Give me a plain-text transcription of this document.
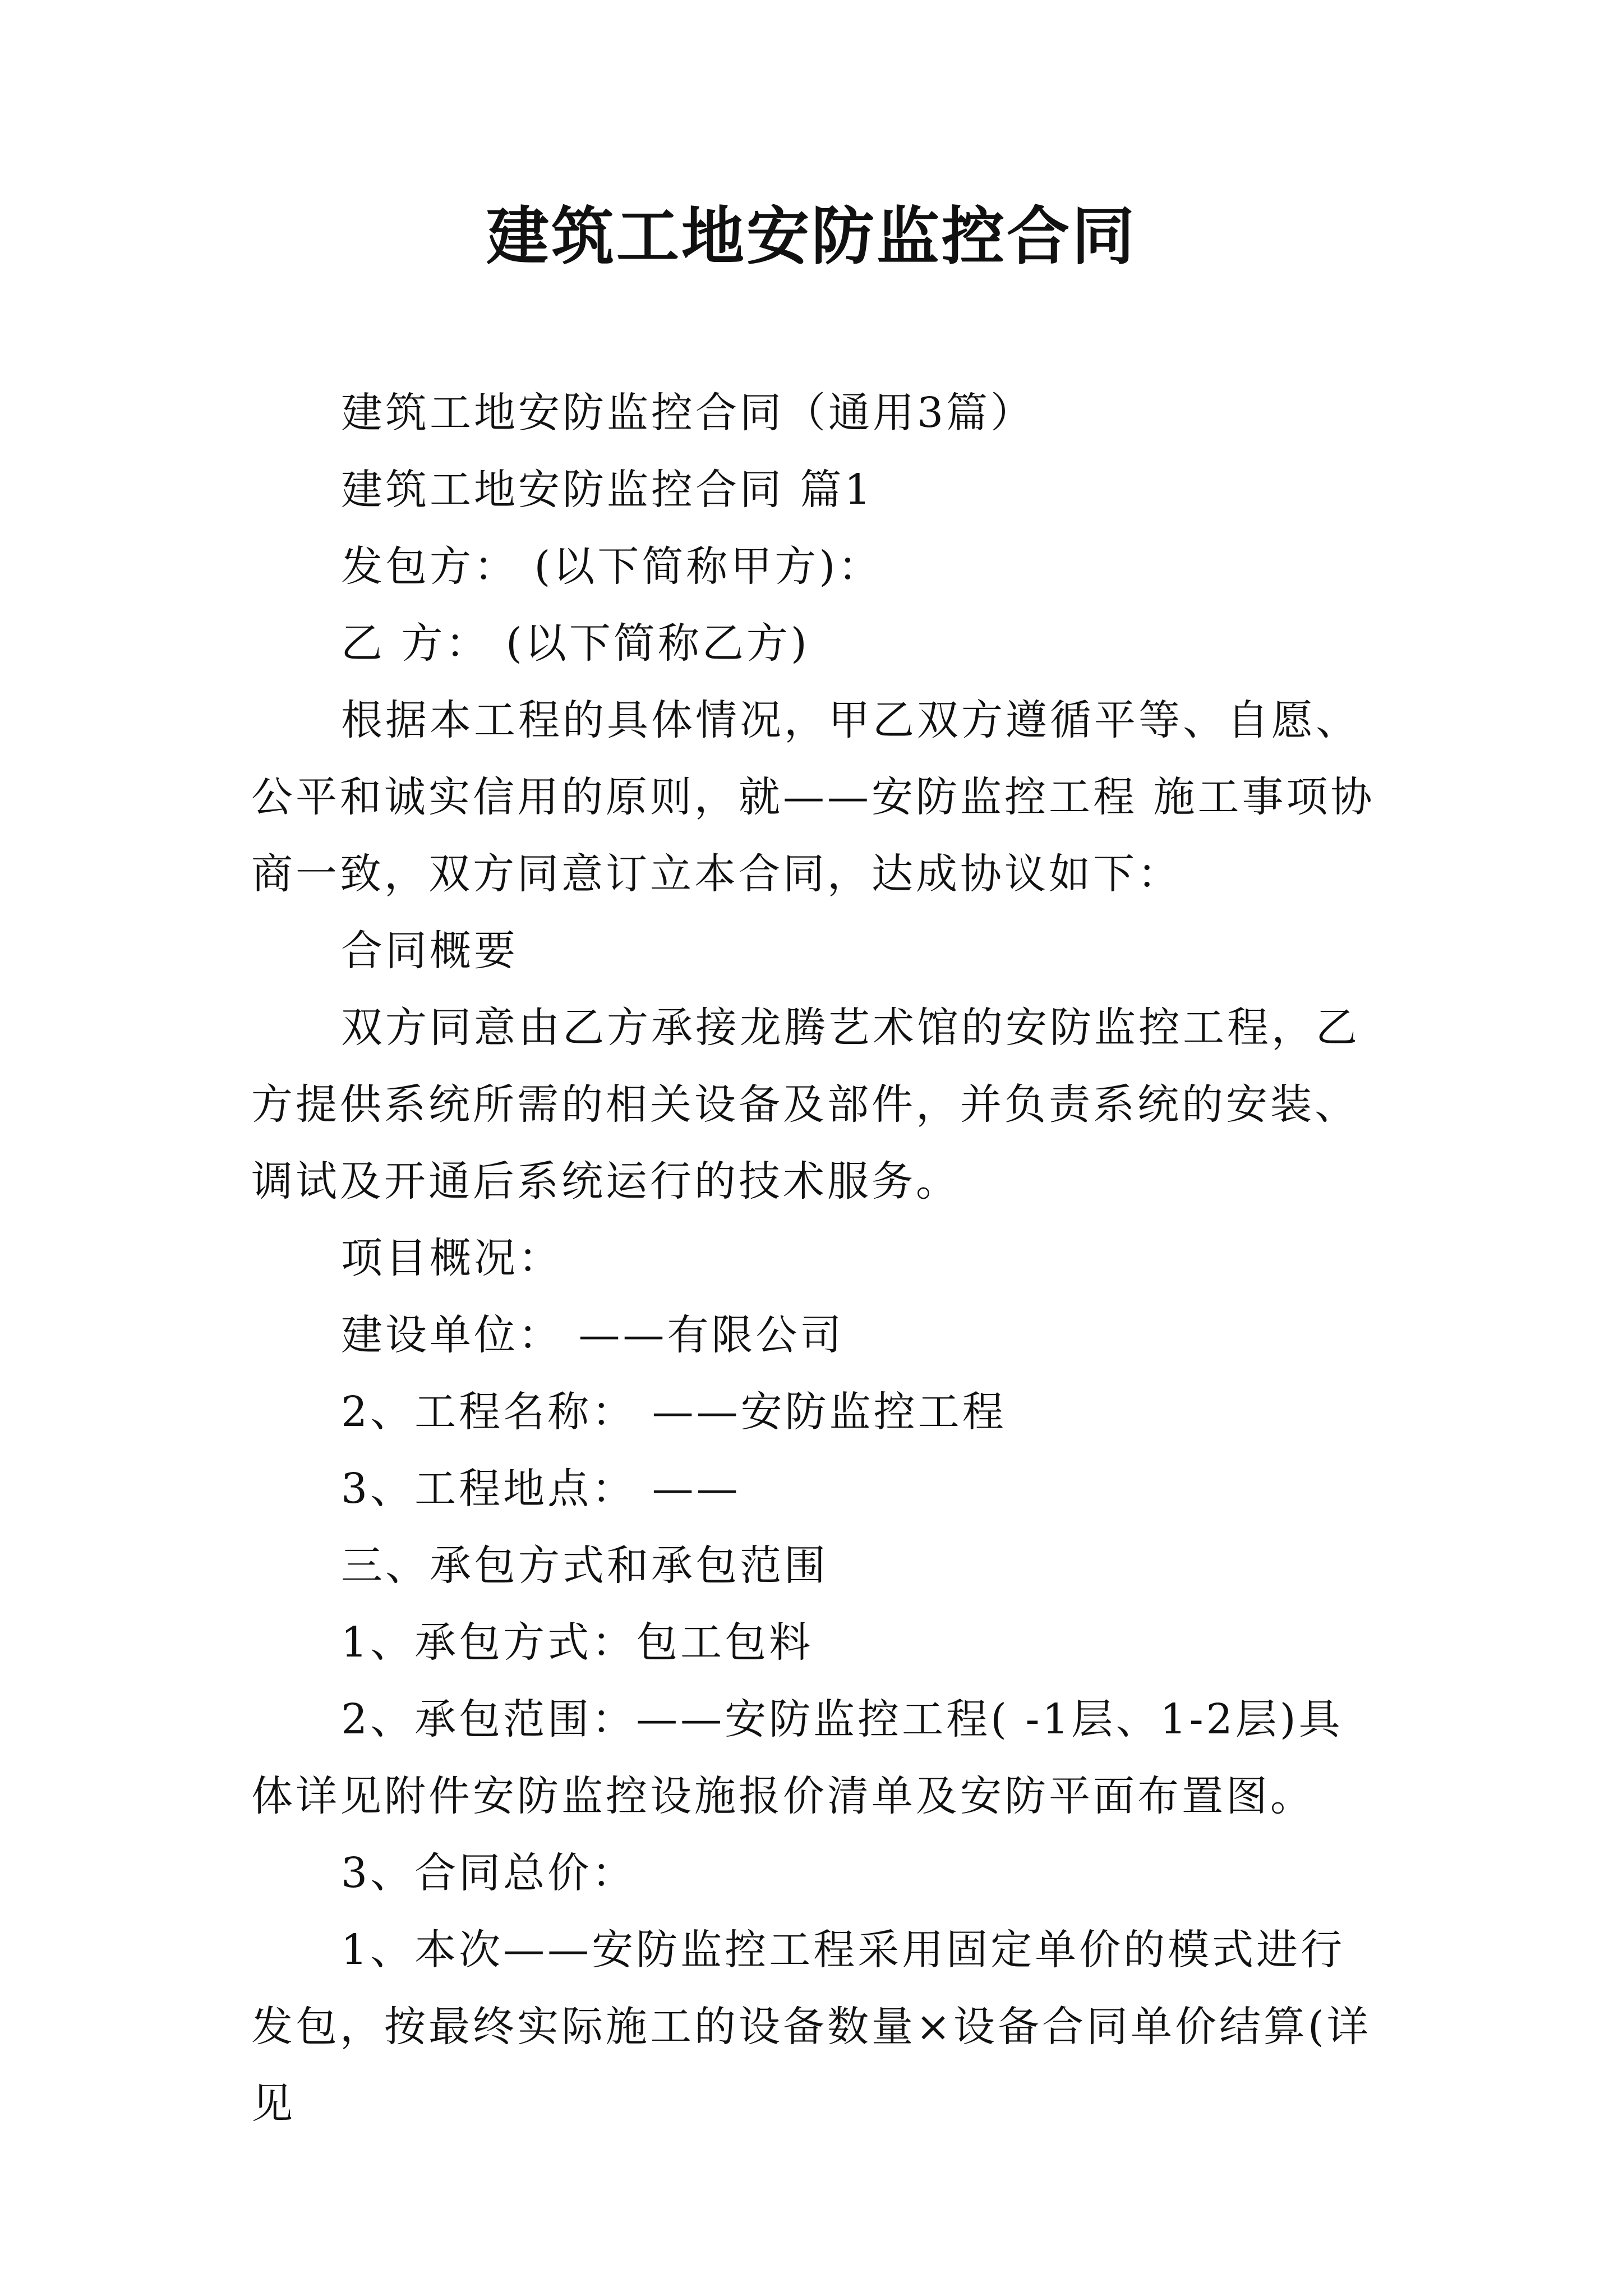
建筑工地安防监控合同

建筑工地安防监控合同（通用3篇）

建筑工地安防监控合同 篇1

发包方： (以下简称甲方)：

乙 方： (以下简称乙方)

根据本工程的具体情况，甲乙双方遵循平等、自愿、公平和诚实信用的原则，就——安防监控工程 施工事项协商一致，双方同意订立本合同，达成协议如下：

合同概要

双方同意由乙方承接龙腾艺术馆的安防监控工程，乙方提供系统所需的相关设备及部件，并负责系统的安装、调试及开通后系统运行的技术服务。

项目概况：

建设单位： ——有限公司

2、工程名称： ——安防监控工程

3、工程地点： ——

三、承包方式和承包范围

1、承包方式：包工包料

2、承包范围：——安防监控工程( -1层、1-2层)具体详见附件安防监控设施报价清单及安防平面布置图。

3、合同总价：

1、本次——安防监控工程采用固定单价的模式进行发包，按最终实际施工的设备数量×设备合同单价结算(详见
